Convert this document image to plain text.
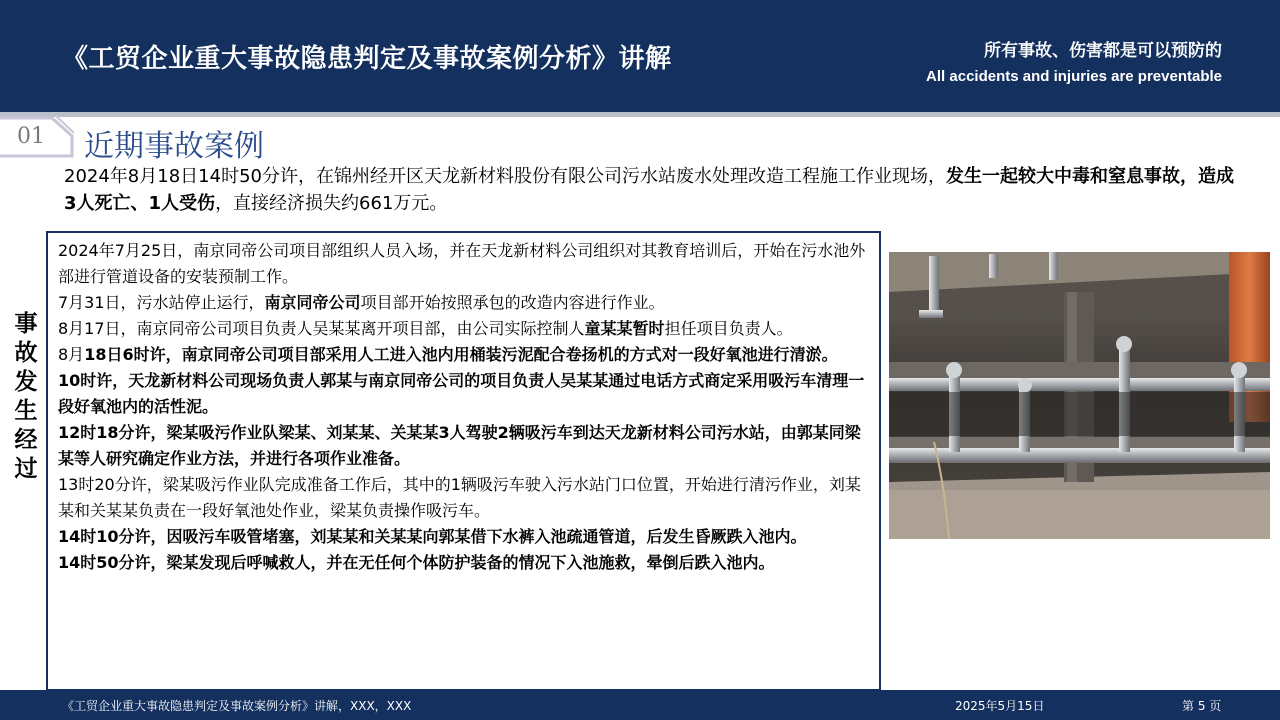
《工贸企业重大事故隐患判定及事故案例分析》讲解	所有事故、伤害都是可以预防的
All accidents and injuries are preventable
01	近期事故案例
2024年8月18日14时50分许，在锦州经开区天龙新材料股份有限公司污水站废水处理改造工程施工作业现场，发生一起较大中毒和窒息事故，造成3人死亡、1人受伤，直接经济损失约661万元。
事
故
发
生
经
过

2024年7月25日，南京同帝公司项目部组织人员入场，并在天龙新材料公司组织对其教育培训后，开始在污水池外部进行管道设备的安装预制工作。

7月31日，污水站停止运行，南京同帝公司项目部开始按照承包的改造内容进行作业。

8月17日，南京同帝公司项目负责人吴某某离开项目部，由公司实际控制人童某某暂时担任项目负责人。

8月18日6时许，南京同帝公司项目部采用人工进入池内用桶装污泥配合卷扬机的方式对一段好氧池进行清淤。

10时许，天龙新材料公司现场负责人郭某与南京同帝公司的项目负责人吴某某通过电话方式商定采用吸污车清理一段好氧池内的活性泥。

12时18分许，梁某吸污作业队梁某、刘某某、关某某3人驾驶2辆吸污车到达天龙新材料公司污水站，由郭某同梁某等人研究确定作业方法，并进行各项作业准备。

13时20分许，梁某吸污作业队完成准备工作后，其中的1辆吸污车驶入污水站门口位置，开始进行清污作业，刘某某和关某某负责在一段好氧池处作业，梁某负责操作吸污车。

14时10分许，因吸污车吸管堵塞，刘某某和关某某向郭某借下水裤入池疏通管道，后发生昏厥跌入池内。

14时50分许，梁某发现后呼喊救人，并在无任何个体防护装备的情况下入池施救，晕倒后跌入池内。

《工贸企业重大事故隐患判定及事故案例分析》讲解，XXX，XXX	2025年5月15日	第 5 页
